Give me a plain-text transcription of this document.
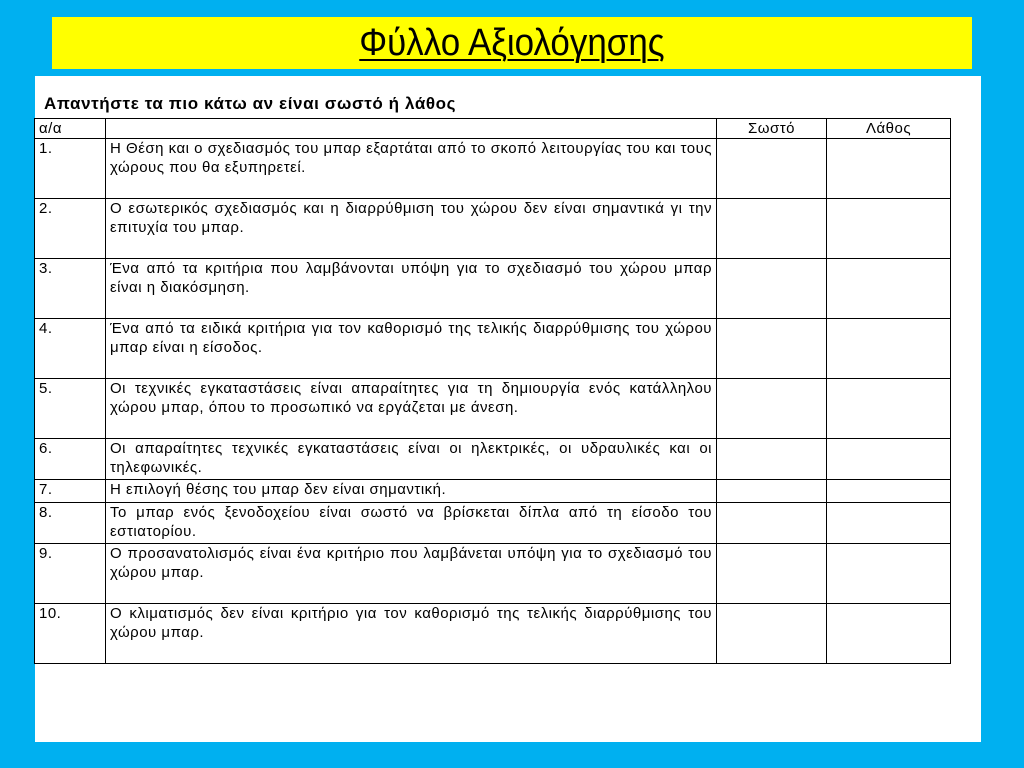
Φύλλο Αξιολόγησης
Απαντήστε τα πιο κάτω αν είναι σωστό ή λάθος
α/α		Σωστό	Λάθος
1.	Η Θέση και ο σχεδιασμός του μπαρ εξαρτάται από το σκοπό λειτουργίας του και τους χώρους που θα εξυπηρετεί.		
2.	Ο εσωτερικός σχεδιασμός και η διαρρύθμιση του χώρου δεν είναι σημαντικά γι την επιτυχία του μπαρ.		
3.	Ένα από τα κριτήρια που λαμβάνονται υπόψη για το σχεδιασμό του χώρου μπαρ είναι η διακόσμηση.		
4.	Ένα από τα ειδικά κριτήρια για τον καθορισμό της τελικής διαρρύθμισης του χώρου μπαρ είναι η είσοδος.		
5.	Οι τεχνικές εγκαταστάσεις είναι απαραίτητες για τη δημιουργία ενός κατάλληλου χώρου μπαρ, όπου το προσωπικό να εργάζεται με άνεση.		
6.	Οι απαραίτητες τεχνικές εγκαταστάσεις είναι οι ηλεκτρικές, οι υδραυλικές και οι τηλεφωνικές.		
7.	Η επιλογή θέσης του μπαρ δεν είναι σημαντική.		
8.	Το μπαρ ενός ξενοδοχείου είναι σωστό να βρίσκεται δίπλα από τη είσοδο του εστιατορίου.		
9.	Ο προσανατολισμός είναι ένα κριτήριο που λαμβάνεται υπόψη για το σχεδιασμό του χώρου μπαρ.		
10.	Ο κλιματισμός δεν είναι κριτήριο για τον καθορισμό της τελικής διαρρύθμισης του χώρου μπαρ.		
